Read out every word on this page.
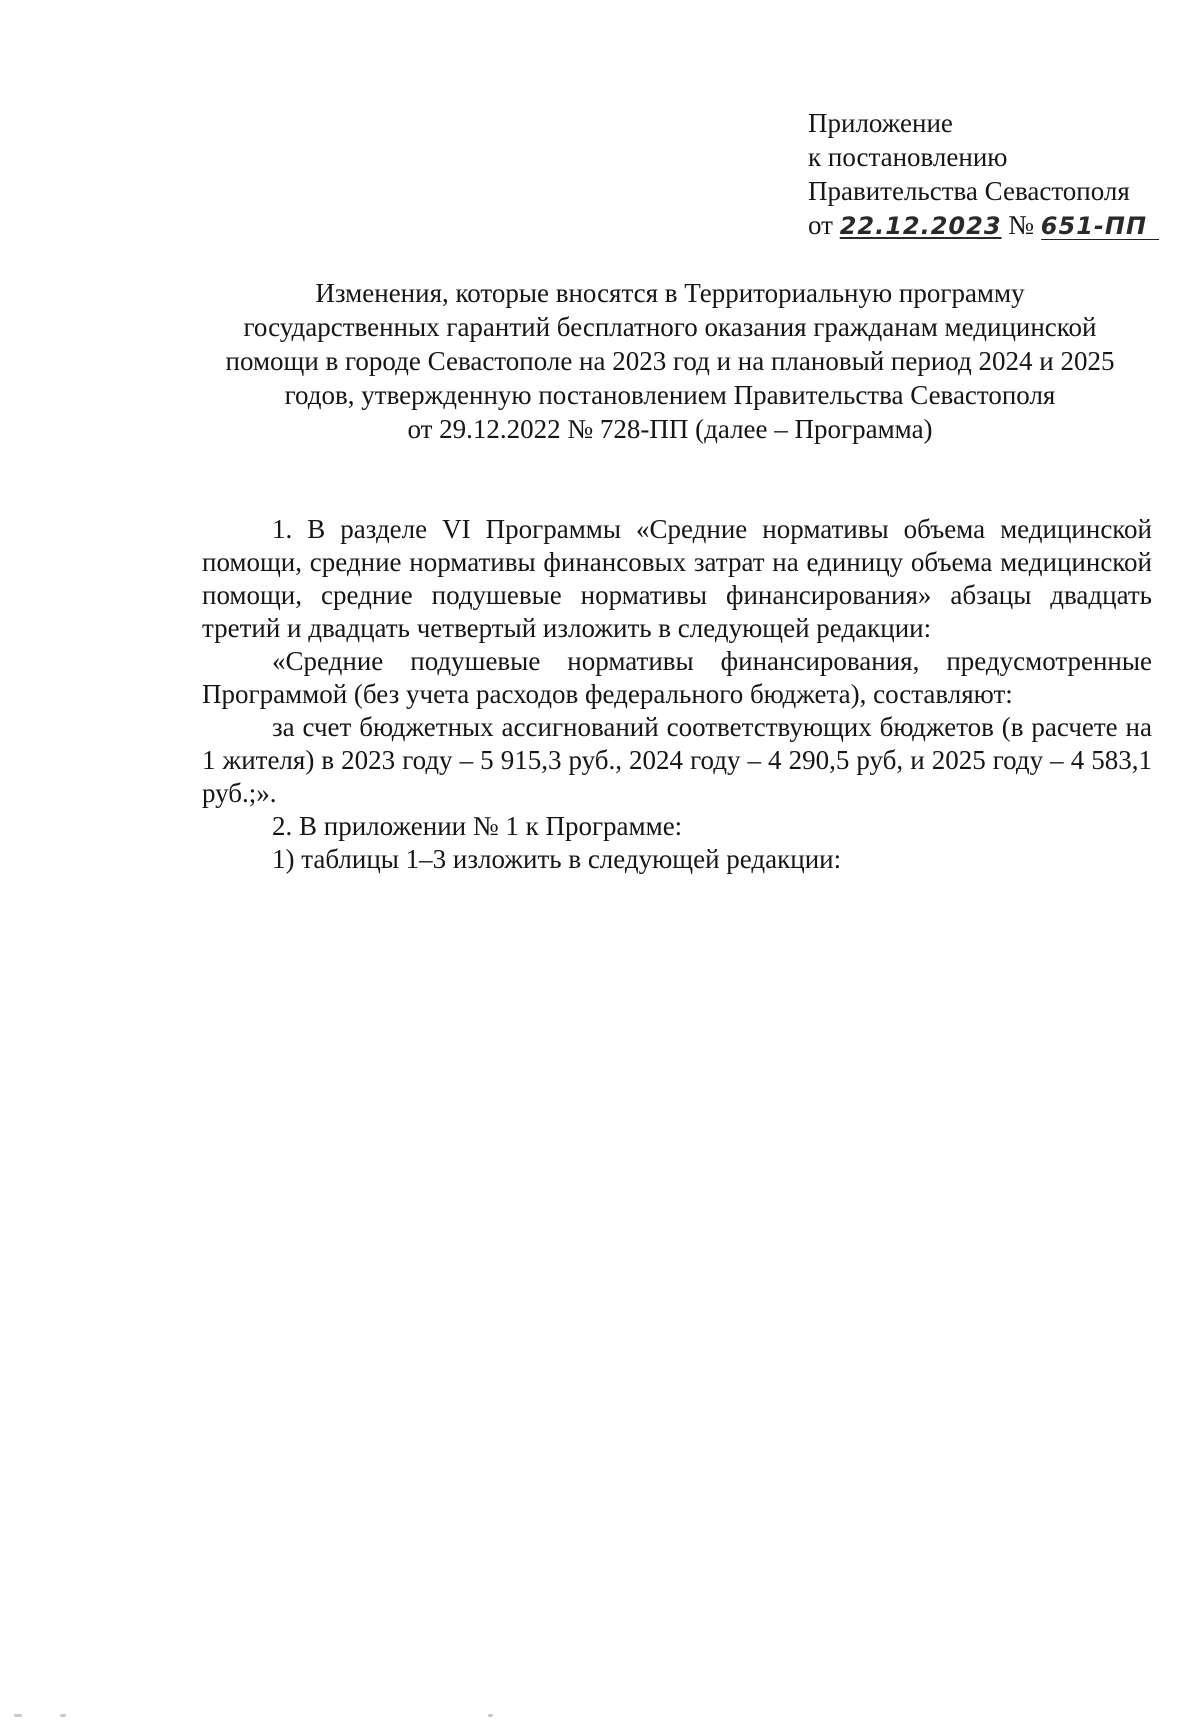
Приложение
к постановлению
Правительства Севастополя
от 22.12.2023 № 651-ПП
Изменения, которые вносятся в Территориальную программу
государственных гарантий бесплатного оказания гражданам медицинской
помощи в городе Севастополе на 2023 год и на плановый период 2024 и 2025
годов, утвержденную постановлением Правительства Севастополя
от 29.12.2022 № 728-ПП (далее – Программа)

1. В разделе VI Программы «Средние нормативы объема медицинской помощи, средние нормативы финансовых затрат на единицу объема медицинской помощи, средние подушевые нормативы финансирования» абзацы двадцать третий и двадцать четвертый изложить в следующей редакции:

«Средние подушевые нормативы финансирования, предусмотренные Программой (без учета расходов федерального бюджета), составляют:

за счет бюджетных ассигнований соответствующих бюджетов (в расчете на 1 жителя) в 2023 году – 5 915,3 руб., 2024 году – 4 290,5 руб, и 2025 году – 4 583,1 руб.;».

2. В приложении № 1 к Программе:

1) таблицы 1–3 изложить в следующей редакции:
